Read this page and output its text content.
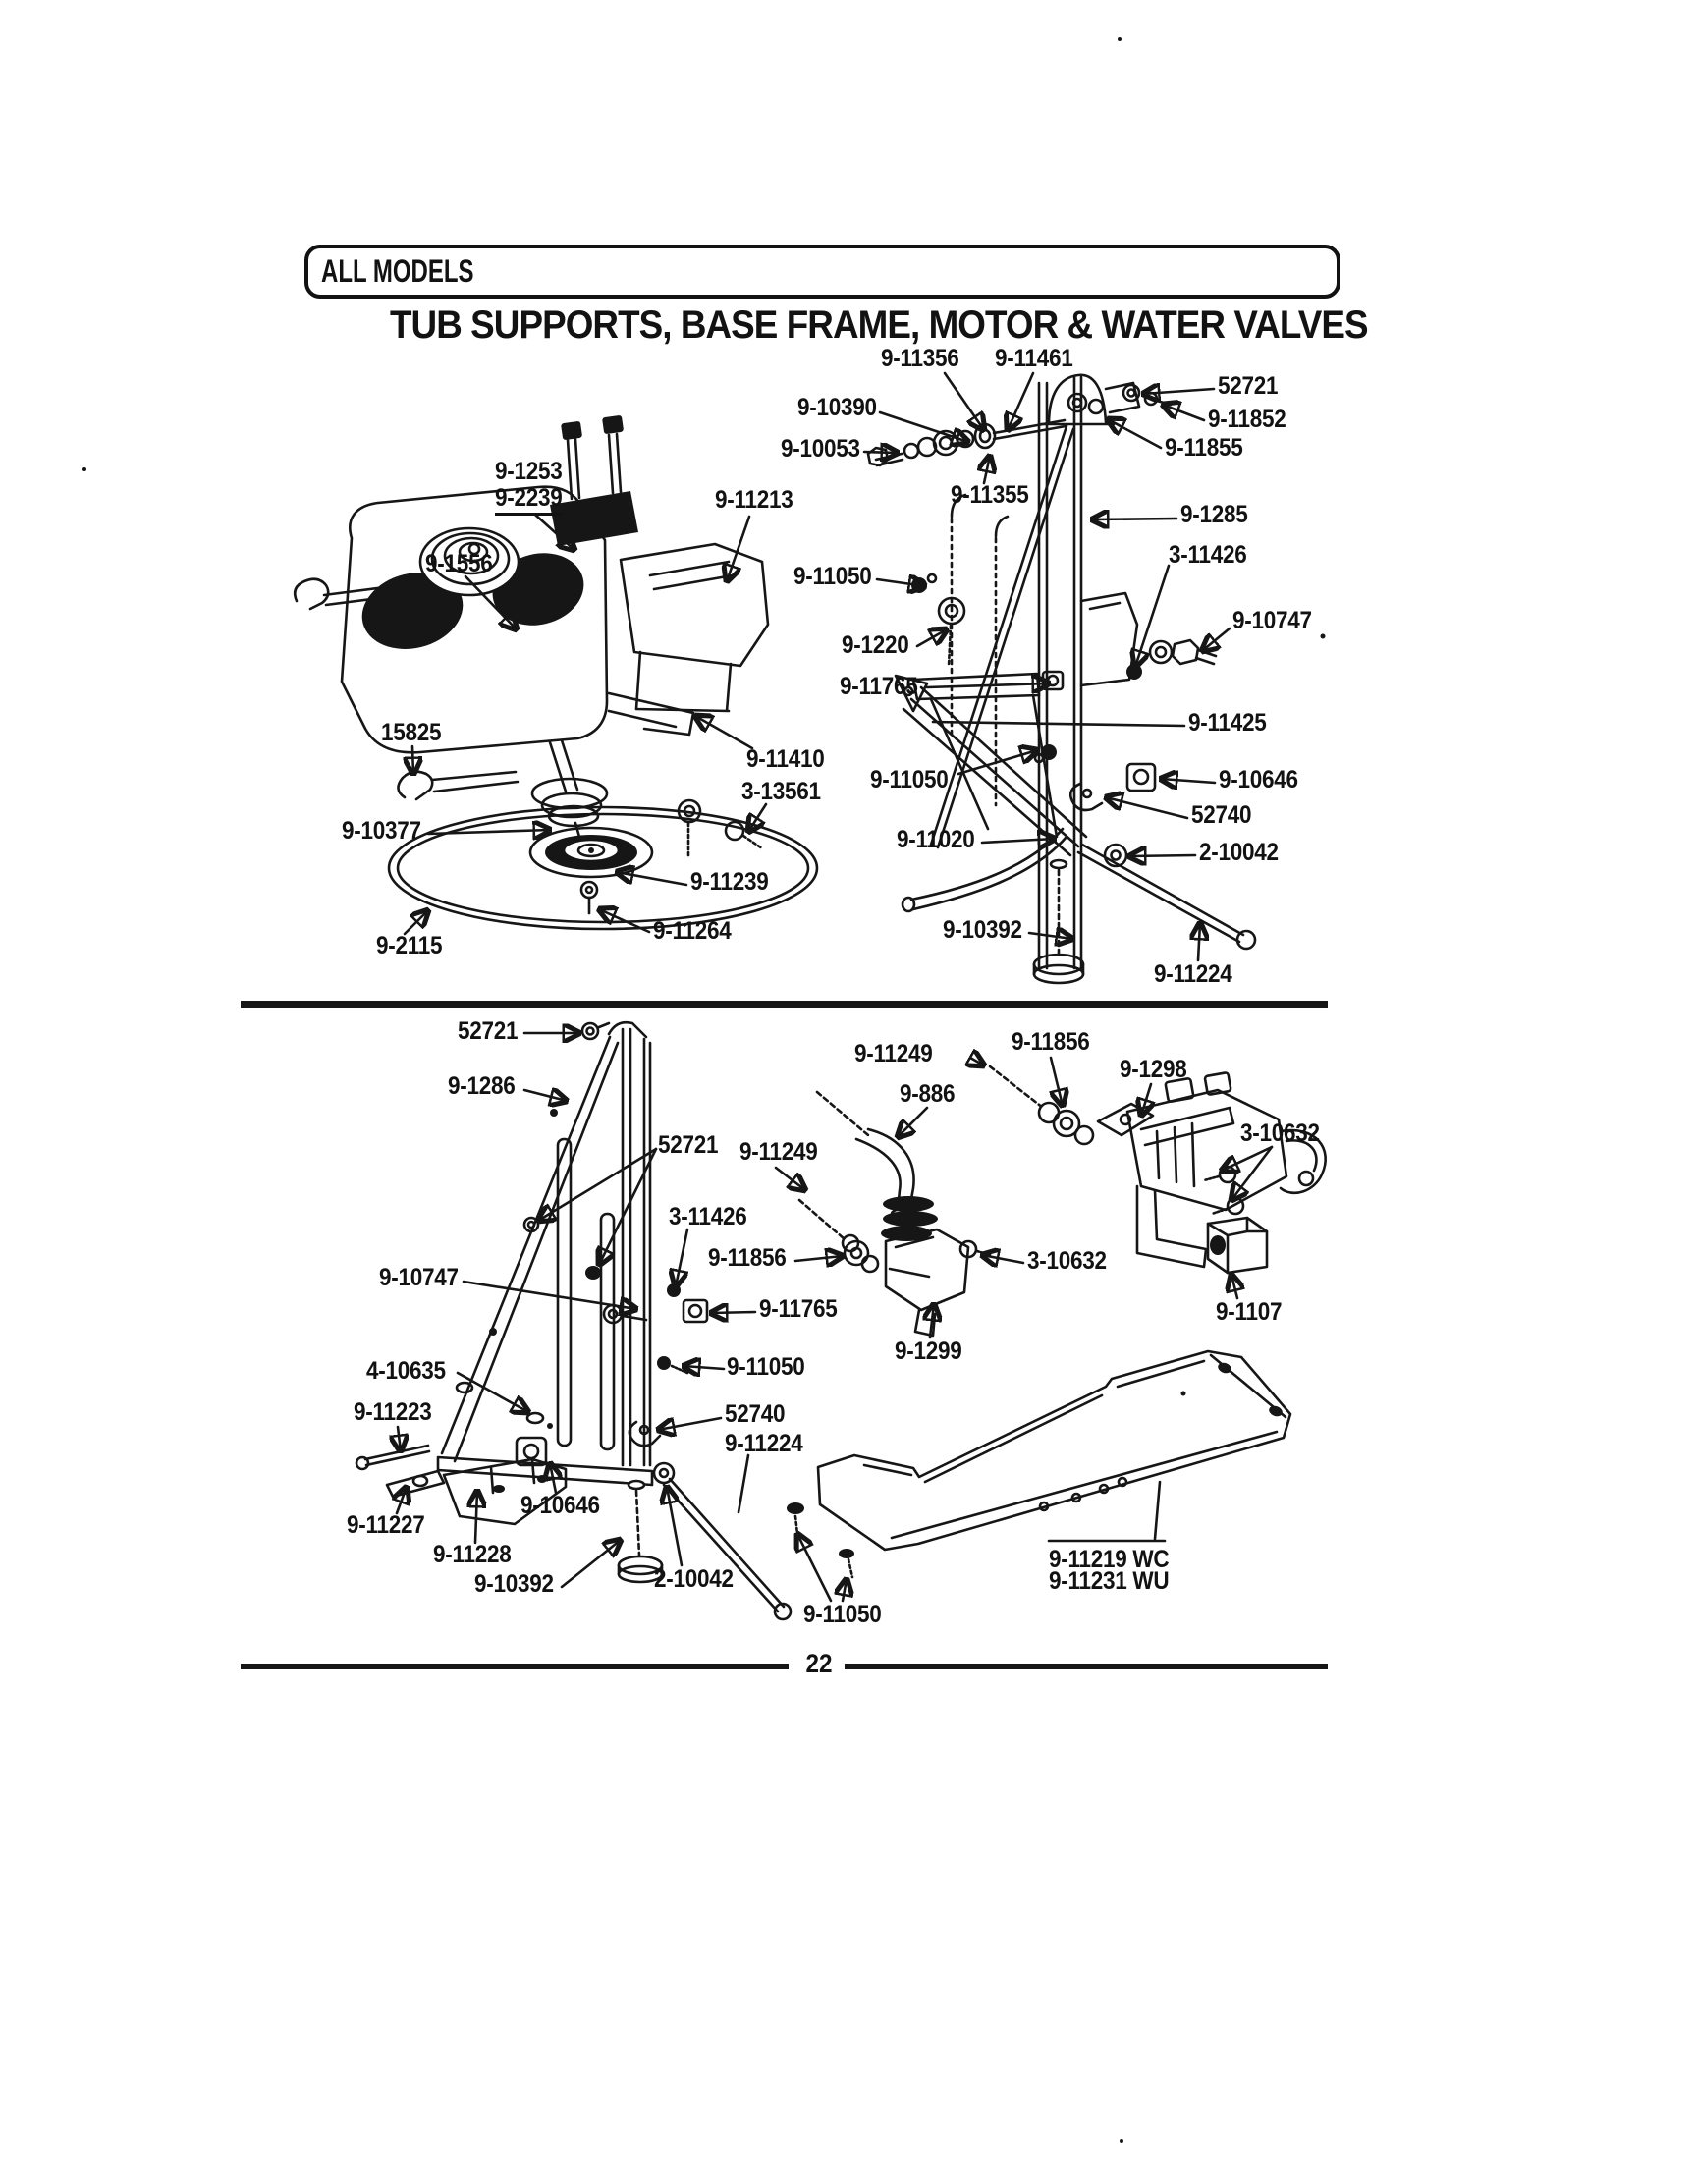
ALL MODELS
TUB SUPPORTS, BASE FRAME, MOTOR & WATER VALVES
9-11356 9-11461
52721
9-11852
9-11855
9-10390
9-10053
9-11355
9-1253
9-2239
9-1556
9-11213
9-11050
9-1220
9-11765
9-1285
3-11426
9-10747
9-11425
9-11050	9-10646
52740
9-11020	2-10042
9-10392
9-11224
15825
9-10377
9-2115
9-11410
3-13561
9-11239
9-11264
52721
9-1286
52721
3-11426
9-11249	9-11856
9-1298
9-886
9-11249
3-10632
9-11856
9-10747
9-11765
4-10635
9-11223
9-11227
9-11228
9-10646
9-10392	2-10042
52740
9-11224
3-10632
9-1299
9-1107
9-11219 WC
9-11231 WU
9-11050
9-11050
22
